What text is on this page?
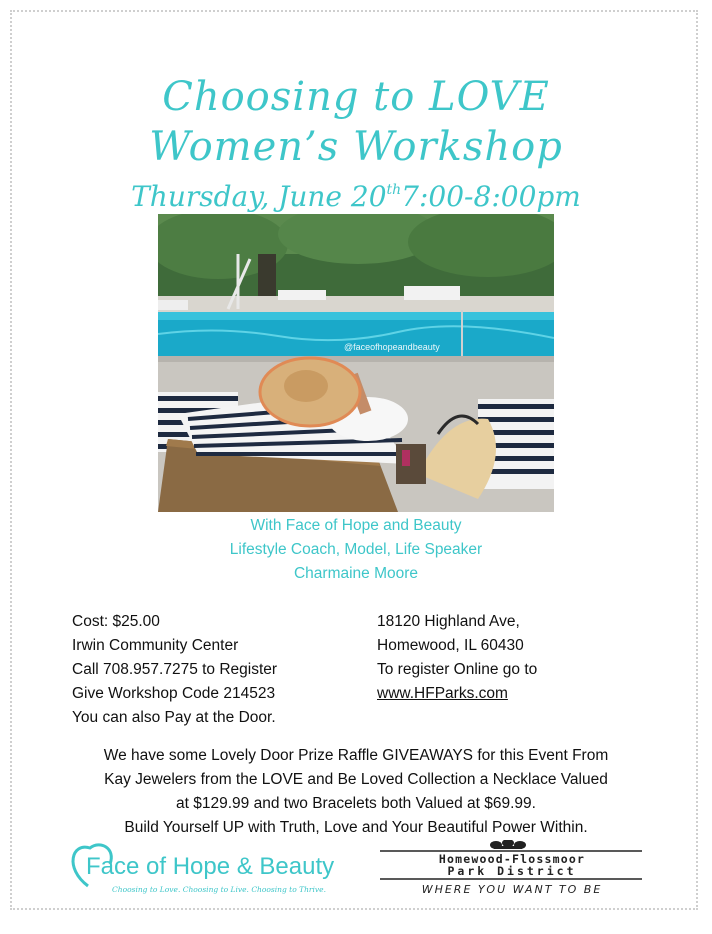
Choosing to LOVE
Women’s Workshop
Thursday, June 20th7:00-8:00pm
@faceofhopeandbeauty
With Face of Hope and Beauty
Lifestyle Coach, Model, Life Speaker
Charmaine Moore
Cost: $25.00
Irwin Community Center
Call 708.957.7275 to Register
Give Workshop Code 214523
You can also Pay at the Door.
18120 Highland Ave,
Homewood, IL 60430
To register Online go to
www.HFParks.com
We have some Lovely Door Prize Raffle GIVEAWAYS for this Event From
Kay Jewelers from the LOVE and Be Loved Collection a Necklace Valued
at $129.99 and two Bracelets both Valued at $69.99.
Build Yourself UP with Truth, Love and Your Beautiful Power Within.
Face of Hope & Beauty
Choosing to Love. Choosing to Live. Choosing to Thrive.
Homewood-Flossmoor
Park District
WHERE YOU WANT TO BE
